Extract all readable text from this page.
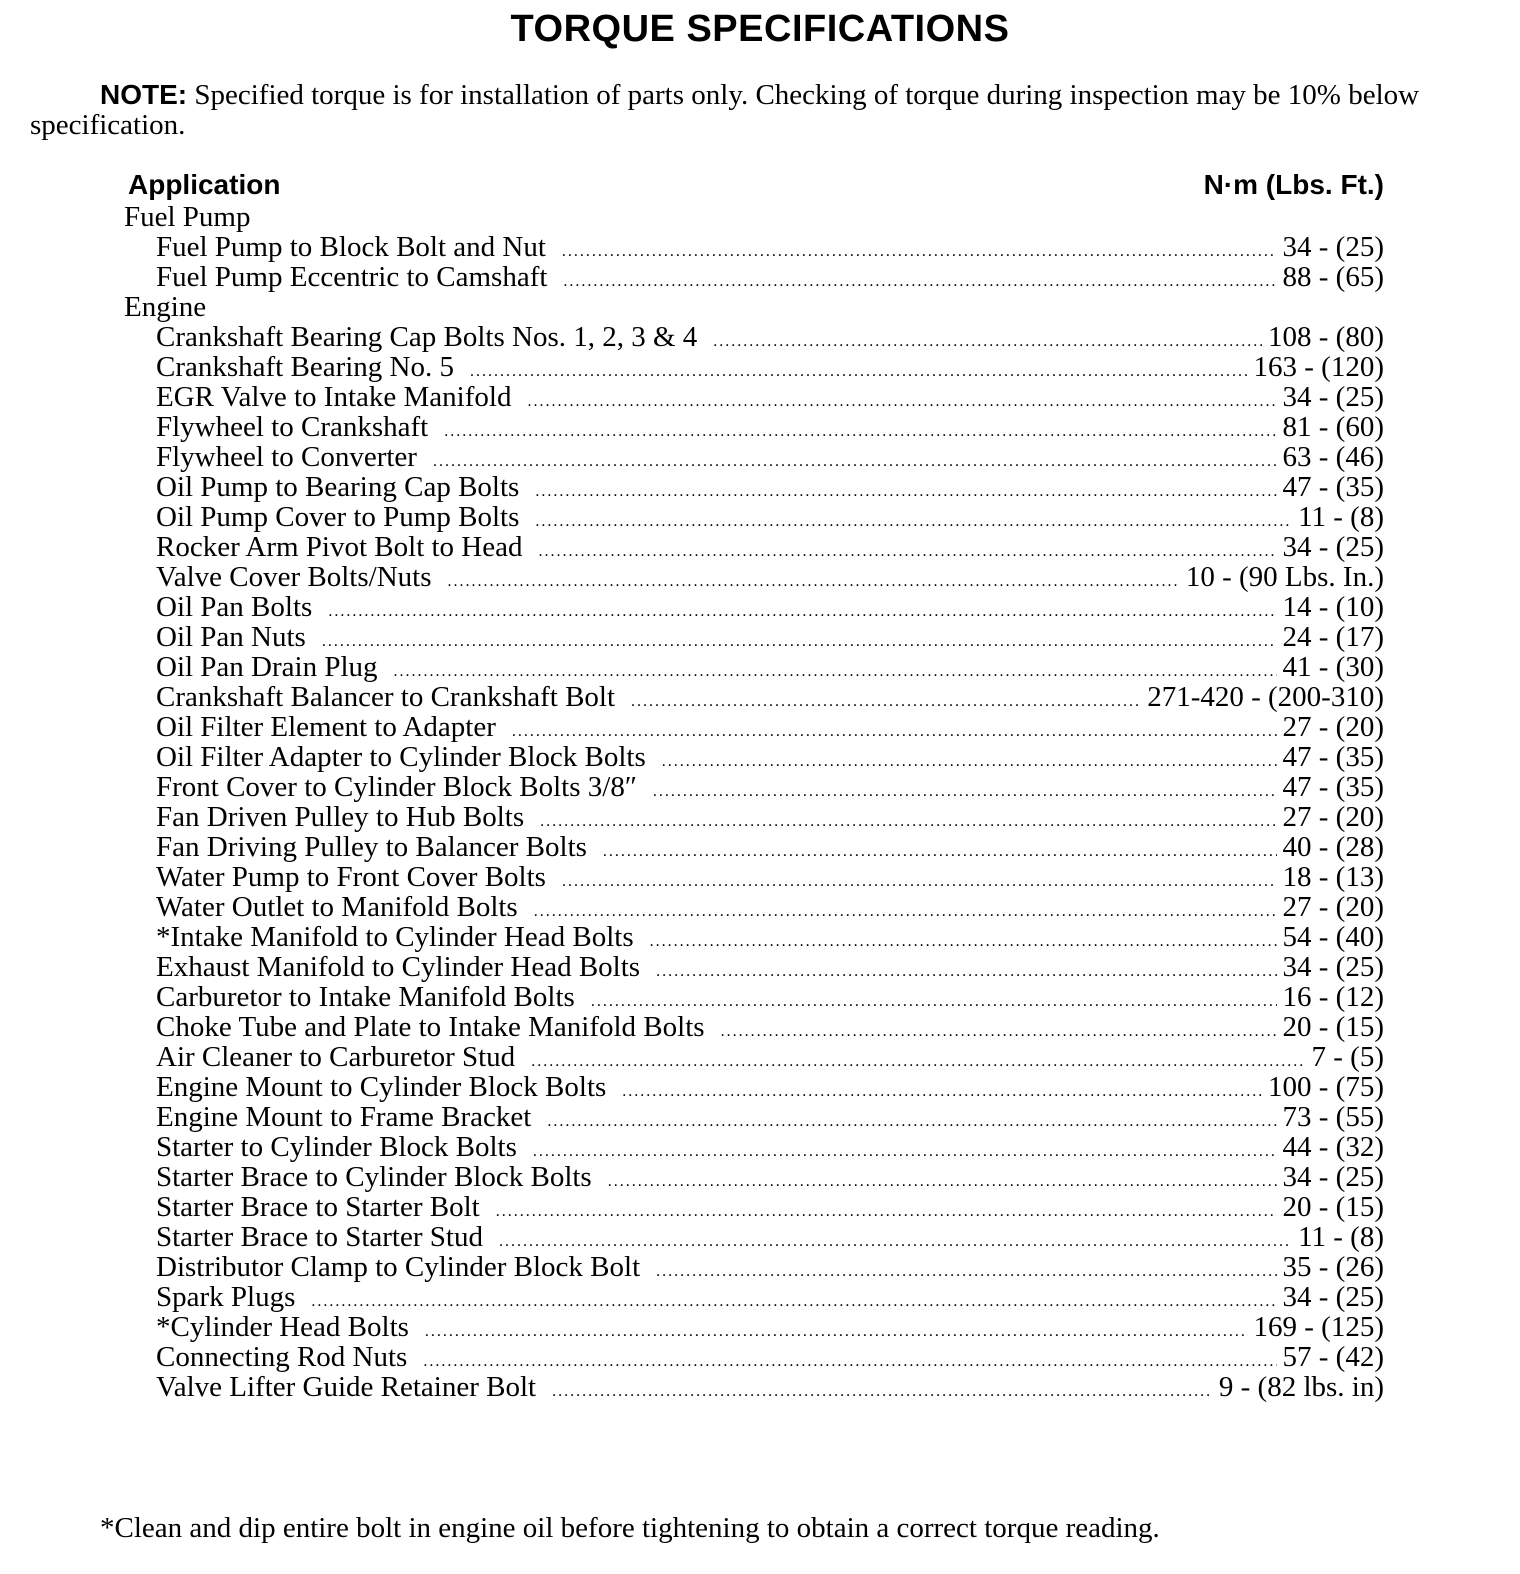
TORQUE SPECIFICATIONS
NOTE: Specified torque is for installation of parts only. Checking of torque during inspection may be 10% below specification.
Application	N·m (Lbs. Ft.)
Fuel Pump
Fuel Pump to Block Bolt and Nut . . .	34 - (25)
Fuel Pump Eccentric to Camshaft . . .	88 - (65)
Engine
Crankshaft Bearing Cap Bolts Nos. 1, 2, 3 & 4 . . .	108 - (80)
Crankshaft Bearing No. 5 . . .	163 - (120)
EGR Valve to Intake Manifold . . .	34 - (25)
Flywheel to Crankshaft . . .	81 - (60)
Flywheel to Converter . . .	63 - (46)
Oil Pump to Bearing Cap Bolts . . .	47 - (35)
Oil Pump Cover to Pump Bolts . . .	11 - (8)
Rocker Arm Pivot Bolt to Head . . .	34 - (25)
Valve Cover Bolts/Nuts . . .	10 - (90 Lbs. In.)
Oil Pan Bolts . . .	14 - (10)
Oil Pan Nuts . . .	24 - (17)
Oil Pan Drain Plug . . .	41 - (30)
Crankshaft Balancer to Crankshaft Bolt . . .	271-420 - (200-310)
Oil Filter Element to Adapter . . .	27 - (20)
Oil Filter Adapter to Cylinder Block Bolts . . .	47 - (35)
Front Cover to Cylinder Block Bolts 3/8″ . . .	47 - (35)
Fan Driven Pulley to Hub Bolts . . .	27 - (20)
Fan Driving Pulley to Balancer Bolts . . .	40 - (28)
Water Pump to Front Cover Bolts . . .	18 - (13)
Water Outlet to Manifold Bolts . . .	27 - (20)
*Intake Manifold to Cylinder Head Bolts . . .	54 - (40)
Exhaust Manifold to Cylinder Head Bolts . . .	34 - (25)
Carburetor to Intake Manifold Bolts . . .	16 - (12)
Choke Tube and Plate to Intake Manifold Bolts . . .	20 - (15)
Air Cleaner to Carburetor Stud . . .	7 - (5)
Engine Mount to Cylinder Block Bolts . . .	100 - (75)
Engine Mount to Frame Bracket . . .	73 - (55)
Starter to Cylinder Block Bolts . . .	44 - (32)
Starter Brace to Cylinder Block Bolts . . .	34 - (25)
Starter Brace to Starter Bolt . . .	20 - (15)
Starter Brace to Starter Stud . . .	11 - (8)
Distributor Clamp to Cylinder Block Bolt . . .	35 - (26)
Spark Plugs . . .	34 - (25)
*Cylinder Head Bolts . . .	169 - (125)
Connecting Rod Nuts . . .	57 - (42)
Valve Lifter Guide Retainer Bolt . . .	9 - (82 lbs. in)
*Clean and dip entire bolt in engine oil before tightening to obtain a correct torque reading.
